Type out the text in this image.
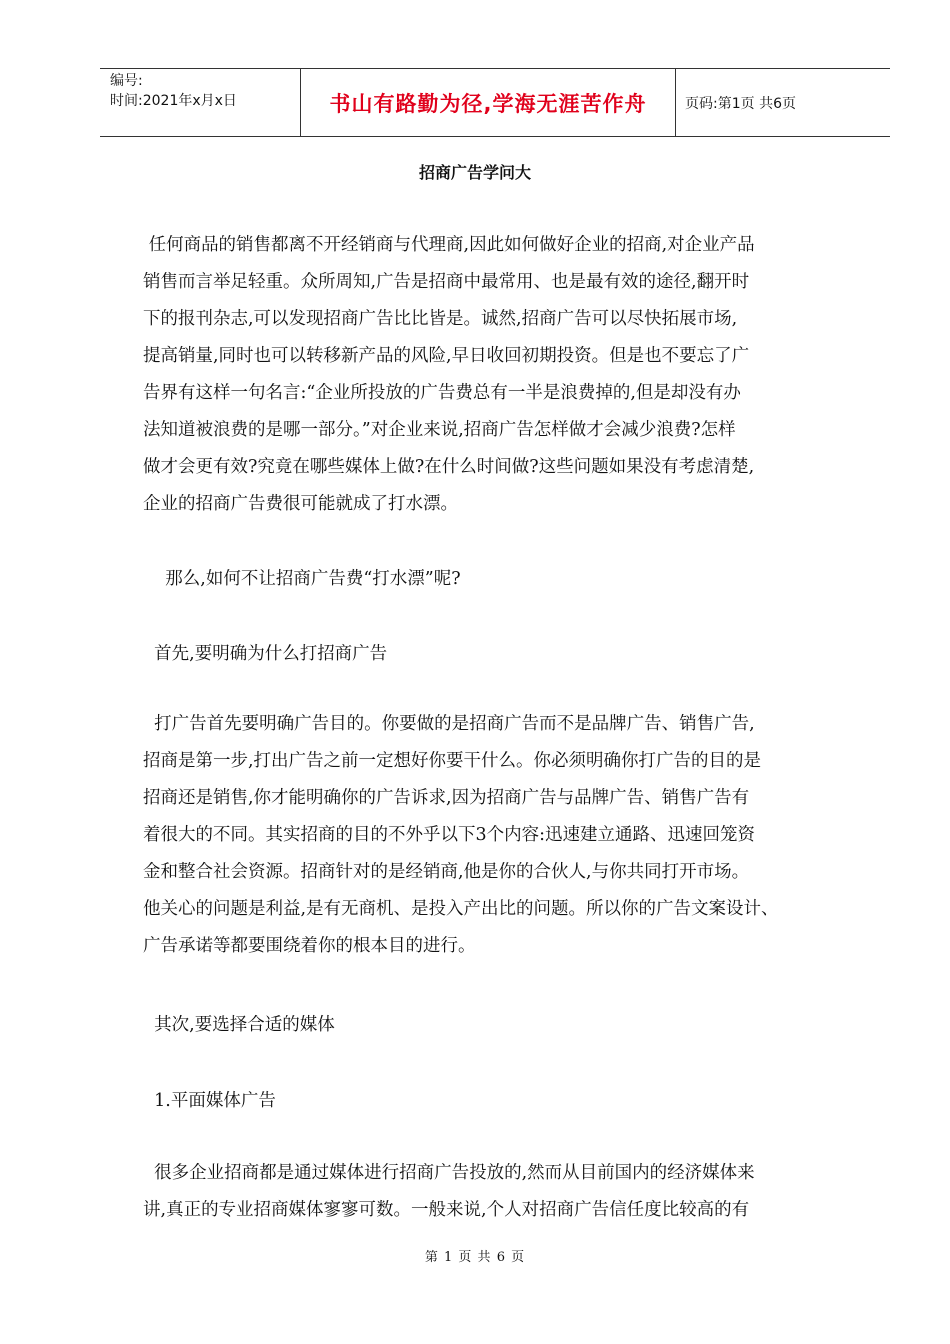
编号:
时间:2021年x月x日	书山有路勤为径,学海无涯苦作舟	页码:第1页 共6页
招商广告学问大

任何商品的销售都离不开经销商与代理商,因此如何做好企业的招商,对企业产品
销售而言举足轻重。众所周知,广告是招商中最常用、也是最有效的途径,翻开时
下的报刊杂志,可以发现招商广告比比皆是。诚然,招商广告可以尽快拓展市场,
提高销量,同时也可以转移新产品的风险,早日收回初期投资。但是也不要忘了广
告界有这样一句名言:“企业所投放的广告费总有一半是浪费掉的,但是却没有办
法知道被浪费的是哪一部分。”对企业来说,招商广告怎样做才会减少浪费?怎样
做才会更有效?究竟在哪些媒体上做?在什么时间做?这些问题如果没有考虑清楚,
企业的招商广告费很可能就成了打水漂。

那么,如何不让招商广告费“打水漂”呢?

首先,要明确为什么打招商广告

打广告首先要明确广告目的。你要做的是招商广告而不是品牌广告、销售广告,
招商是第一步,打出广告之前一定想好你要干什么。你必须明确你打广告的目的是
招商还是销售,你才能明确你的广告诉求,因为招商广告与品牌广告、销售广告有
着很大的不同。其实招商的目的不外乎以下3个内容:迅速建立通路、迅速回笼资
金和整合社会资源。招商针对的是经销商,他是你的合伙人,与你共同打开市场。
他关心的问题是利益,是有无商机、是投入产出比的问题。所以你的广告文案设计、
广告承诺等都要围绕着你的根本目的进行。

其次,要选择合适的媒体

1.平面媒体广告

很多企业招商都是通过媒体进行招商广告投放的,然而从目前国内的经济媒体来
讲,真正的专业招商媒体寥寥可数。一般来说,个人对招商广告信任度比较高的有

第 1 页 共 6 页
